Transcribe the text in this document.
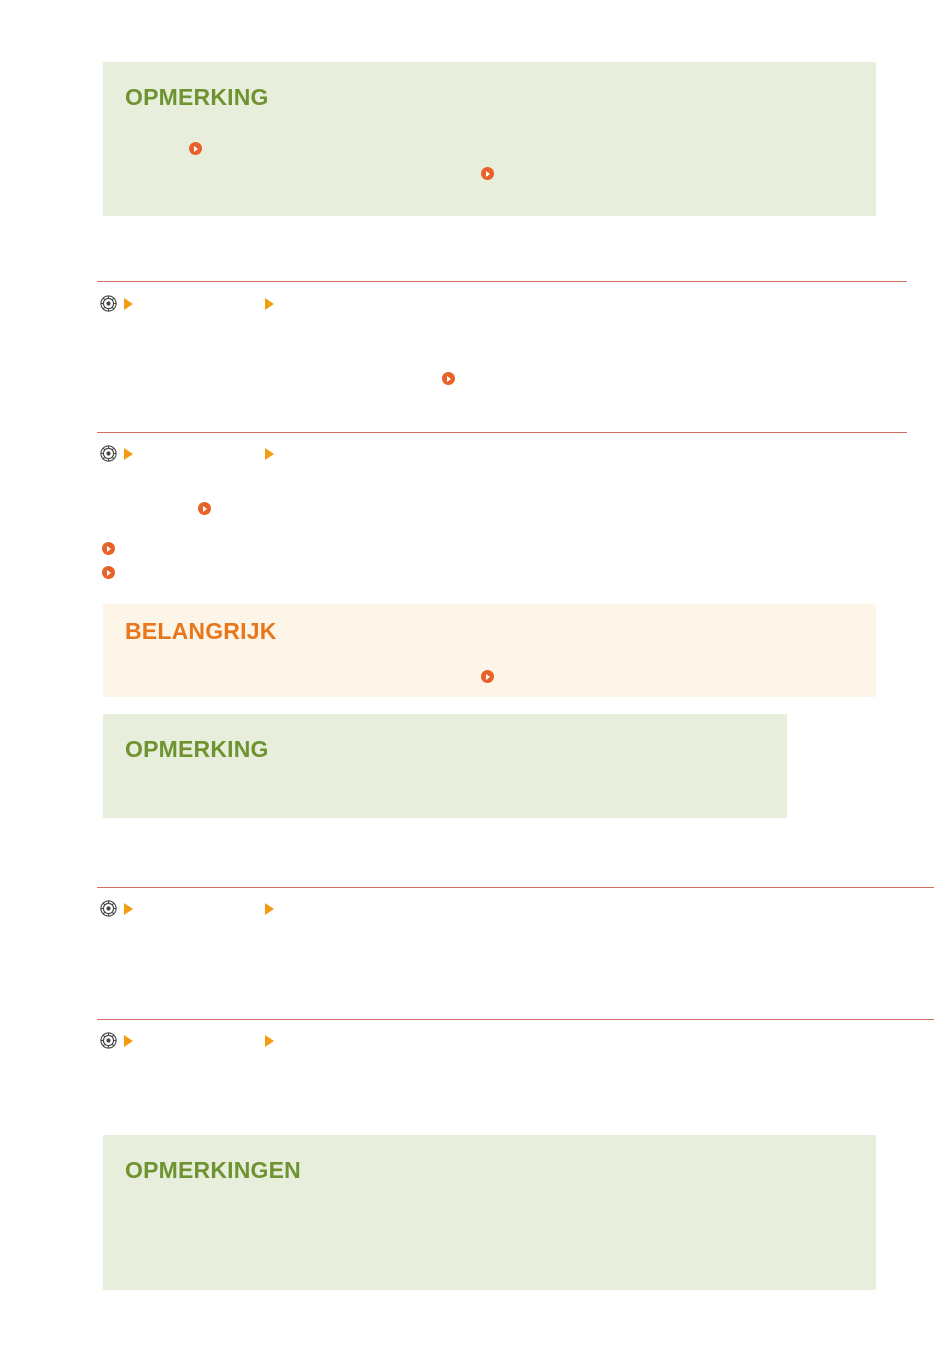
OPMERKING
BELANGRIJK
OPMERKING
OPMERKINGEN
